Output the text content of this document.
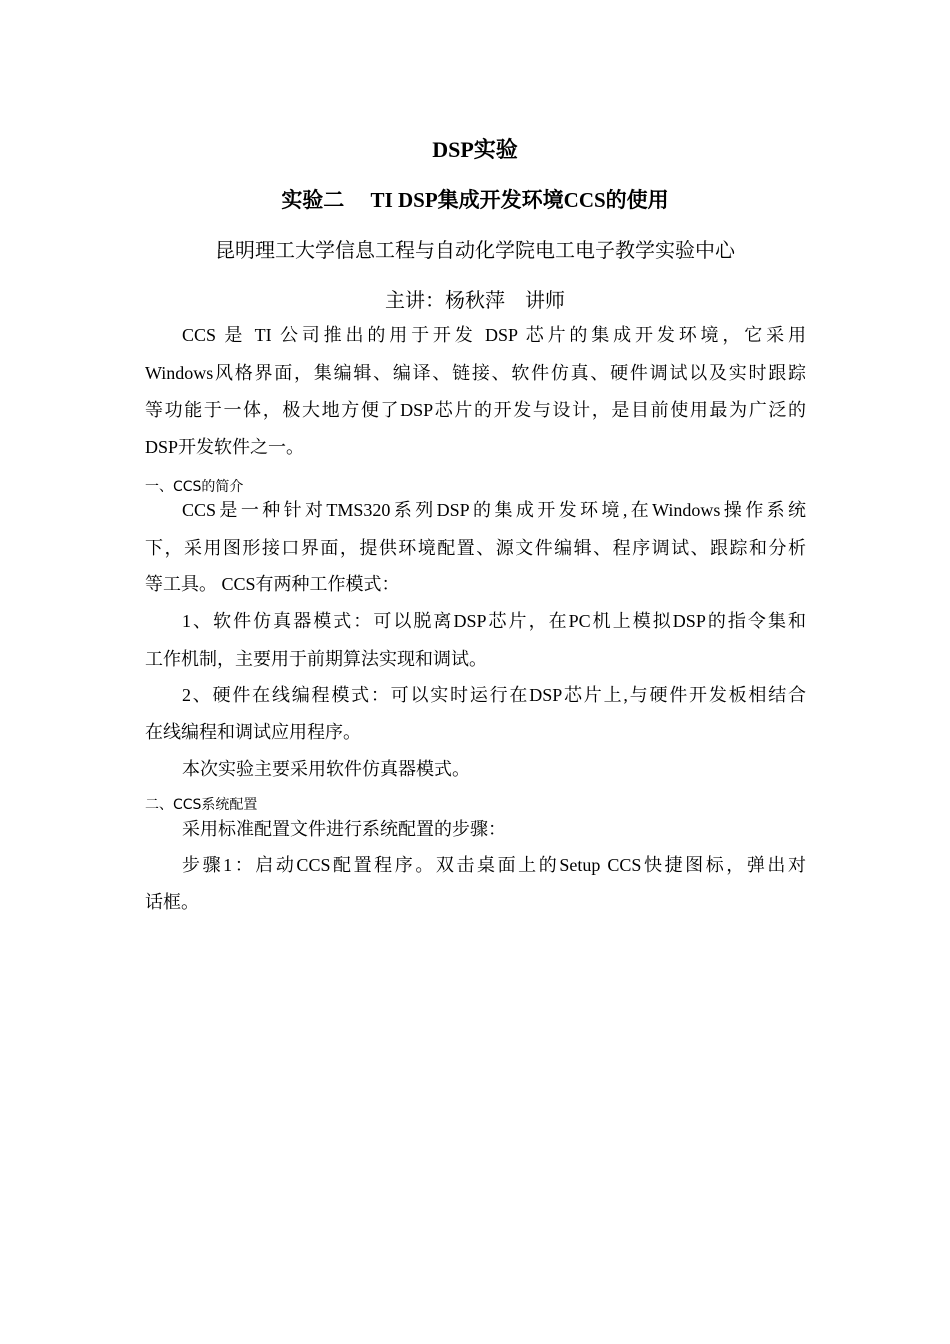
DSP实验
实验二　 TI DSP集成开发环境CCS的使用
昆明理工大学信息工程与自动化学院电工电子教学实验中心
主讲：杨秋萍　讲师
CCS 是 TI 公司推出的用于开发 DSP 芯片的集成开发环境，它采用
Windows风格界面，集编辑、编译、链接、软件仿真、硬件调试以及实时跟踪
等功能于一体，极大地方便了DSP芯片的开发与设计，是目前使用最为广泛的
DSP开发软件之一。
一、CCS的简介
CCS是一种针对TMS320系列DSP的集成开发环境,在Windows操作系统
下，采用图形接口界面，提供环境配置、源文件编辑、程序调试、跟踪和分析
等工具。 CCS有两种工作模式：
1、软件仿真器模式：可以脱离DSP芯片，在PC机上模拟DSP的指令集和
工作机制，主要用于前期算法实现和调试。
2、硬件在线编程模式：可以实时运行在DSP芯片上,与硬件开发板相结合
在线编程和调试应用程序。
本次实验主要采用软件仿真器模式。
二、CCS系统配置
采用标准配置文件进行系统配置的步骤：
步骤1：启动CCS配置程序。双击桌面上的Setup CCS快捷图标，弹出对
话框。
